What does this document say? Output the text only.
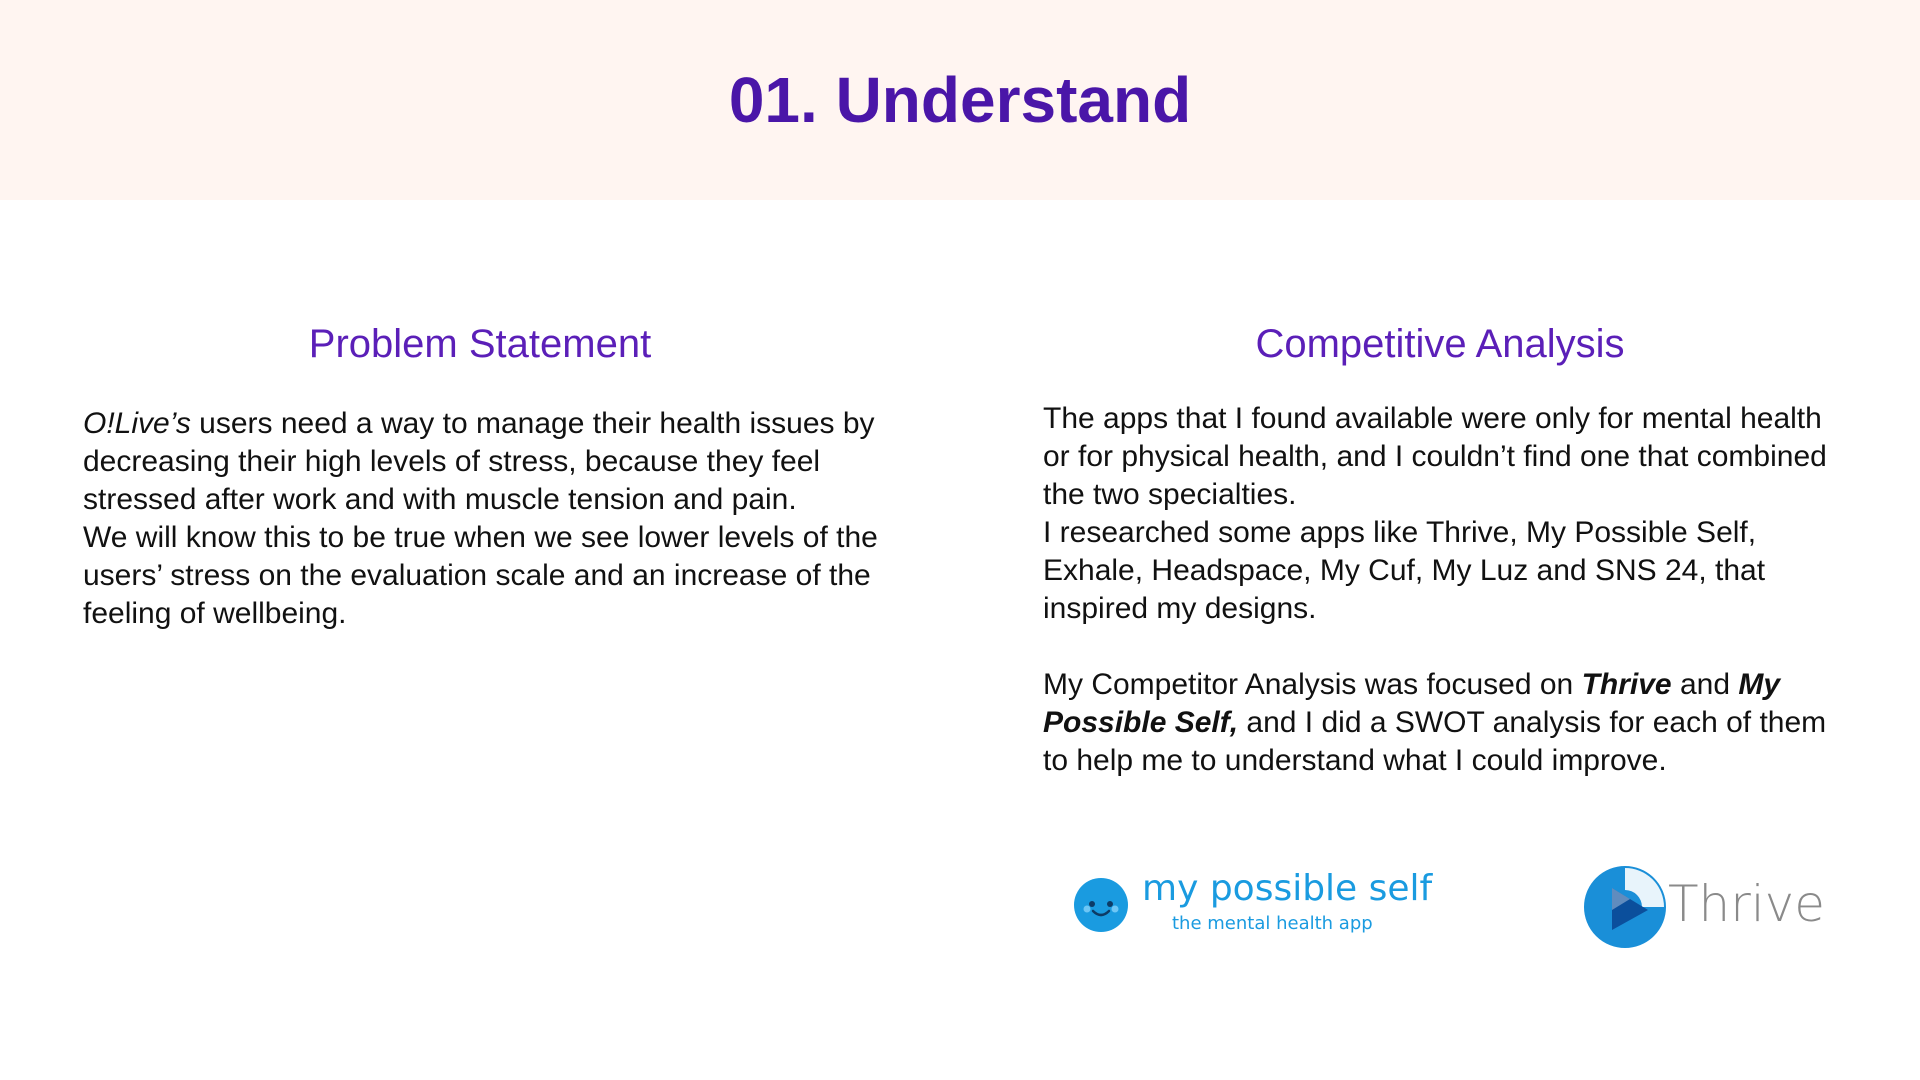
01. Understand
Problem Statement

O!Live’s users need a way to manage their health issues by decreasing their high levels of stress, because they feel stressed after work and with muscle tension and pain.

We will know this to be true when we see lower levels of the users’ stress on the evaluation scale and an increase of the feeling of wellbeing.

Competitive Analysis

The apps that I found available were only for mental health or for physical health, and I couldn’t find one that combined the two specialties.

I researched some apps like Thrive, My Possible Self, Exhale, Headspace, My Cuf, My Luz and SNS 24, that inspired my designs.

My Competitor Analysis was focused on Thrive and My Possible Self, and I did a SWOT analysis for each of them to help me to understand what I could improve.

my possible self
the mental health app	Thrive
